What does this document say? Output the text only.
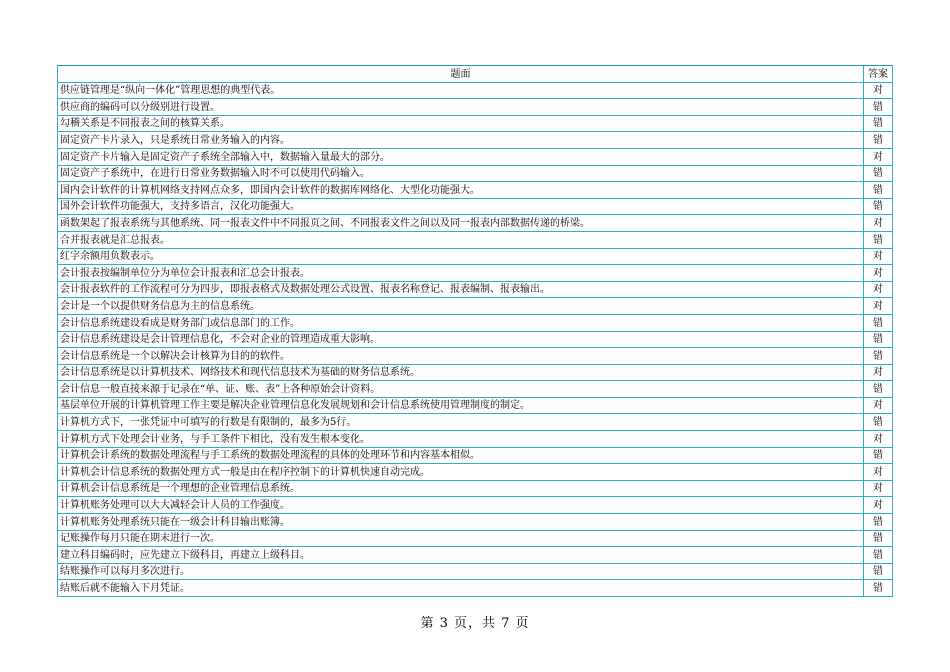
题面	答案
供应链管理是“纵向一体化”管理思想的典型代表。	对
供应商的编码可以分级别进行设置。	错
勾稽关系是不同报表之间的核算关系。	错
固定资产卡片录入，只是系统日常业务输入的内容。	错
固定资产卡片输入是固定资产子系统全部输入中，数据输入量最大的部分。	对
固定资产子系统中，在进行日常业务数据输入时不可以使用代码输入。	错
国内会计软件的计算机网络支持网点众多，即国内会计软件的数据库网络化、大型化功能强大。	错
国外会计软件功能强大，支持多语言，汉化功能强大。	错
函数架起了报表系统与其他系统、同一报表文件中不同报页之间、不同报表文件之间以及同一报表内部数据传递的桥梁。	对
合并报表就是汇总报表。	错
红字余额用负数表示。	对
会计报表按编制单位分为单位会计报表和汇总会计报表。	对
会计报表软件的工作流程可分为四步，即报表格式及数据处理公式设置、报表名称登记、报表编制、报表输出。	对
会计是一个以提供财务信息为主的信息系统。	对
会计信息系统建设看成是财务部门或信息部门的工作。	错
会计信息系统建设是会计管理信息化，不会对企业的管理造成重大影响。	错
会计信息系统是一个以解决会计核算为目的的软件。	错
会计信息系统是以计算机技术、网络技术和现代信息技术为基础的财务信息系统。	对
会计信息一般直接来源于记录在“单、证、账、表”上各种原始会计资料。	错
基层单位开展的计算机管理工作主要是解决企业管理信息化发展规划和会计信息系统使用管理制度的制定。	对
计算机方式下，一张凭证中可填写的行数是有限制的，最多为5行。	错
计算机方式下处理会计业务，与手工条件下相比，没有发生根本变化。	对
计算机会计系统的数据处理流程与手工系统的数据处理流程的具体的处理环节和内容基本相似。	错
计算机会计信息系统的数据处理方式一般是由在程序控制下的计算机快速自动完成。	对
计算机会计信息系统是一个理想的企业管理信息系统。	对
计算机账务处理可以大大减轻会计人员的工作强度。	对
计算机账务处理系统只能在一级会计科目输出账簿。	错
记账操作每月只能在期末进行一次。	错
建立科目编码时，应先建立下级科目，再建立上级科目。	错
结账操作可以每月多次进行。	错
结账后就不能输入下月凭证。	错
第 3 页，共 7 页
